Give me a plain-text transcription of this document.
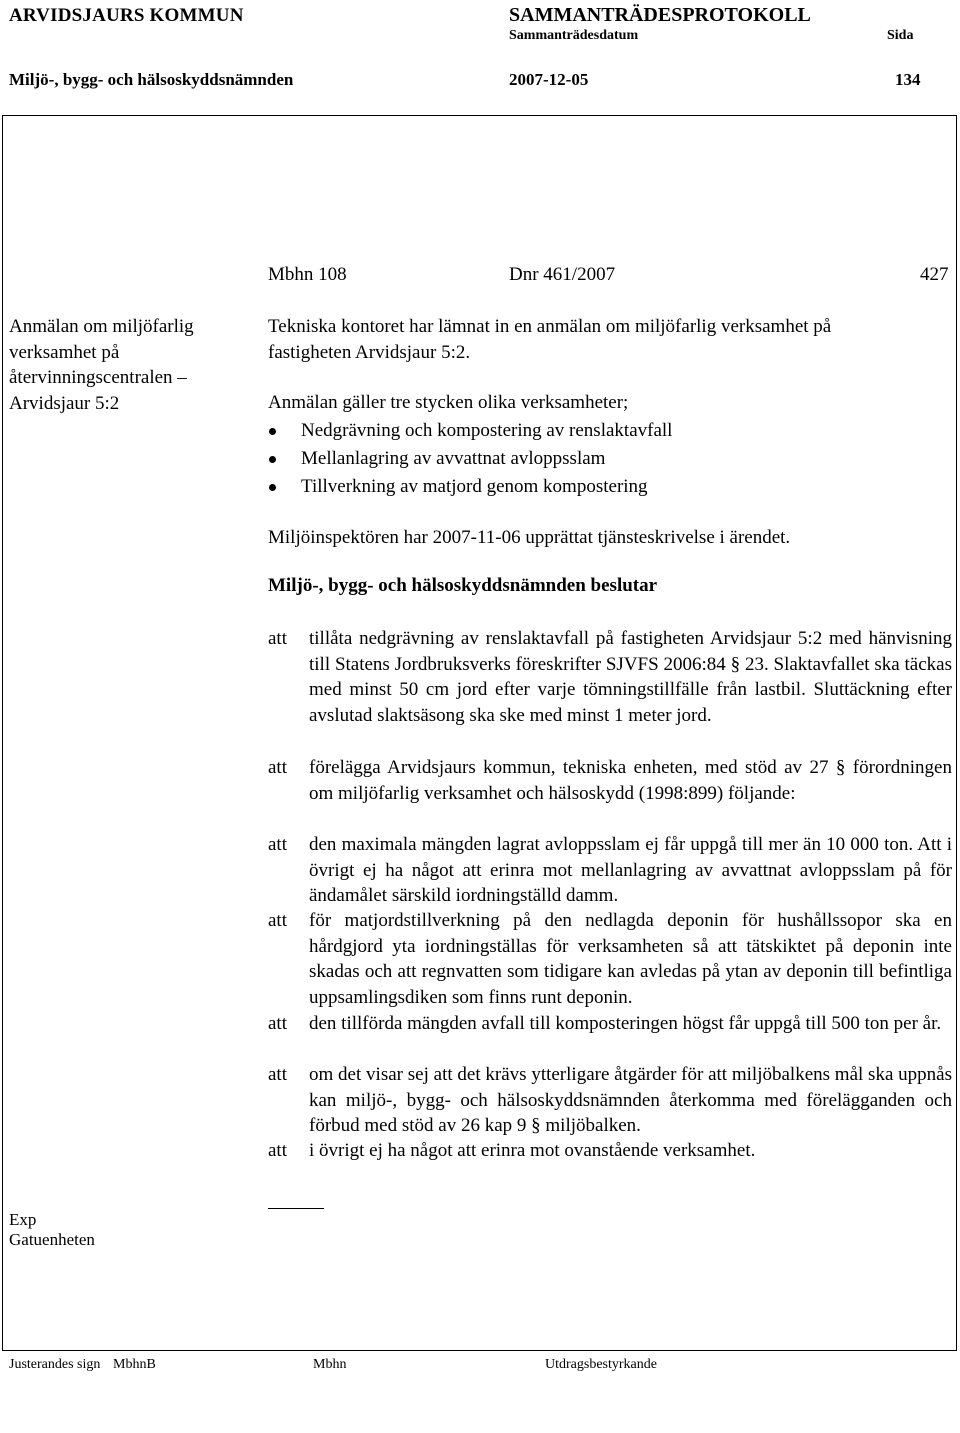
ARVIDSJAURS KOMMUN	SAMMANTRÄDESPROTOKOLL
Sammanträdesdatum	Sida
Miljö-, bygg- och hälsoskyddsnämnden	2007-12-05	134
Mbhn 108	Dnr 461/2007	427
Anmälan om miljöfarlig
verksamhet på
återvinningscentralen –
Arvidsjaur 5:2
Tekniska kontoret har lämnat in en anmälan om miljöfarlig verksamhet på
fastigheten Arvidsjaur 5:2.
Anmälan gäller tre stycken olika verksamheter;
Nedgrävning och kompostering av renslaktavfall
Mellanlagring av avvattnat avloppsslam
Tillverkning av matjord genom kompostering
Miljöinspektören har 2007-11-06 upprättat tjänsteskrivelse i ärendet.
Miljö-, bygg- och hälsoskyddsnämnden beslutar
att	tillåta nedgrävning av renslaktavfall på fastigheten Arvidsjaur 5:2 med hänvisning till Statens Jordbruksverks föreskrifter SJVFS 2006:84 § 23. Slaktavfallet ska täckas med minst 50 cm jord efter varje tömningstillfälle från lastbil. Sluttäckning efter avslutad slaktsäsong ska ske med minst 1 meter jord.
att	förelägga Arvidsjaurs kommun, tekniska enheten, med stöd av 27 § förordningen om miljöfarlig verksamhet och hälsoskydd (1998:899) följande:
att	den maximala mängden lagrat avloppsslam ej får uppgå till mer än 10 000 ton. Att i övrigt ej ha något att erinra mot mellanlagring av avvattnat avloppsslam på för ändamålet särskild iordningställd damm.
att	för matjordstillverkning på den nedlagda deponin för hushållssopor ska en hårdgjord yta iordningställas för verksamheten så att tätskiktet på deponin inte skadas och att regnvatten som tidigare kan avledas på ytan av deponin till befintliga uppsamlingsdiken som finns runt deponin.
att	den tillförda mängden avfall till komposteringen högst får uppgå till 500 ton per år.
att	om det visar sej att det krävs ytterligare åtgärder för att miljöbalkens mål ska uppnås kan miljö-, bygg- och hälsoskyddsnämnden återkomma med förelägganden och förbud med stöd av 26 kap 9 § miljöbalken.
att	i övrigt ej ha något att erinra mot ovanstående verksamhet.
Exp
Gatuenheten
Justerandes sign MbhnB	Mbhn	Utdragsbestyrkande
